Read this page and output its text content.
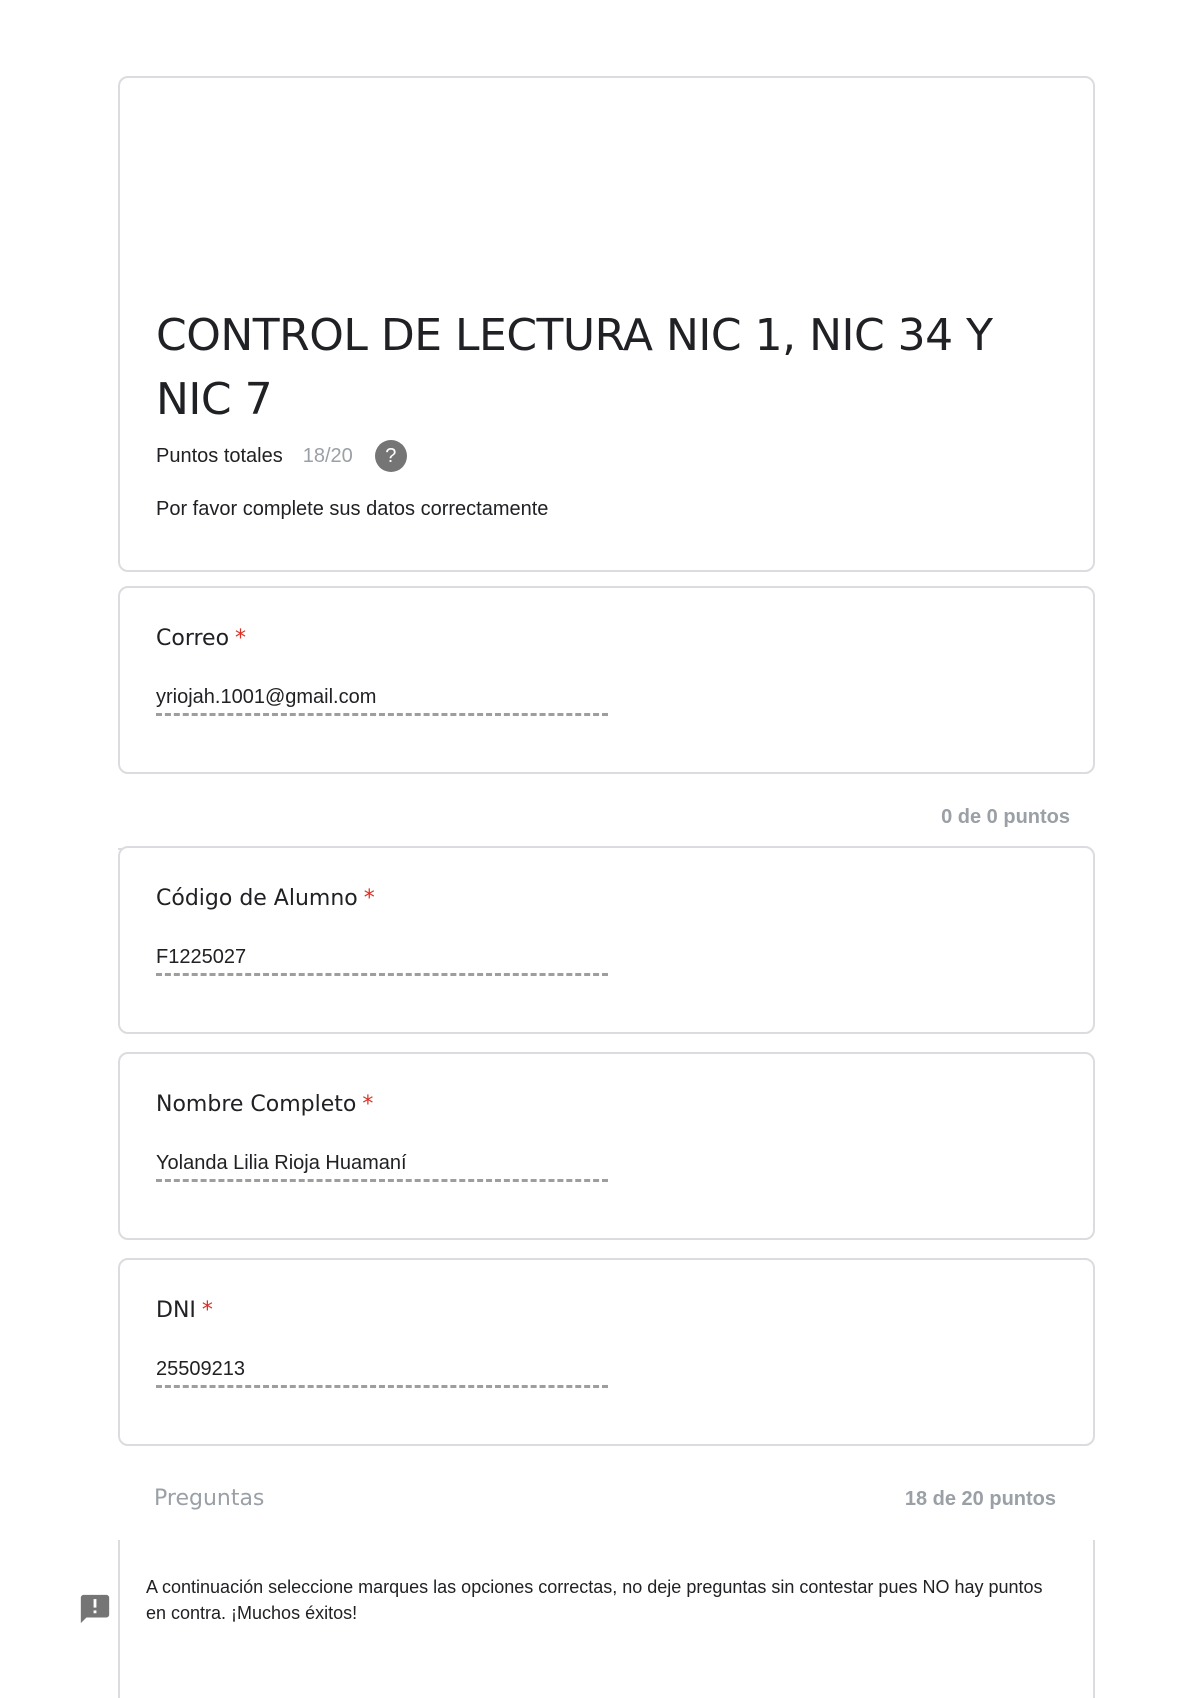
CONTROL DE LECTURA NIC 1, NIC 34 Y NIC 7
Puntos totales 18/20	?
Por favor complete sus datos correctamente
Correo *
yriojah.1001@gmail.com
0 de 0 puntos
Código de Alumno *
F1225027
Nombre Completo *
Yolanda Lilia Rioja Huamaní
DNI *
25509213
Preguntas	18 de 20 puntos
A continuación seleccione marques las opciones correctas, no deje preguntas sin contestar pues NO hay puntos en contra. ¡Muchos éxitos!
